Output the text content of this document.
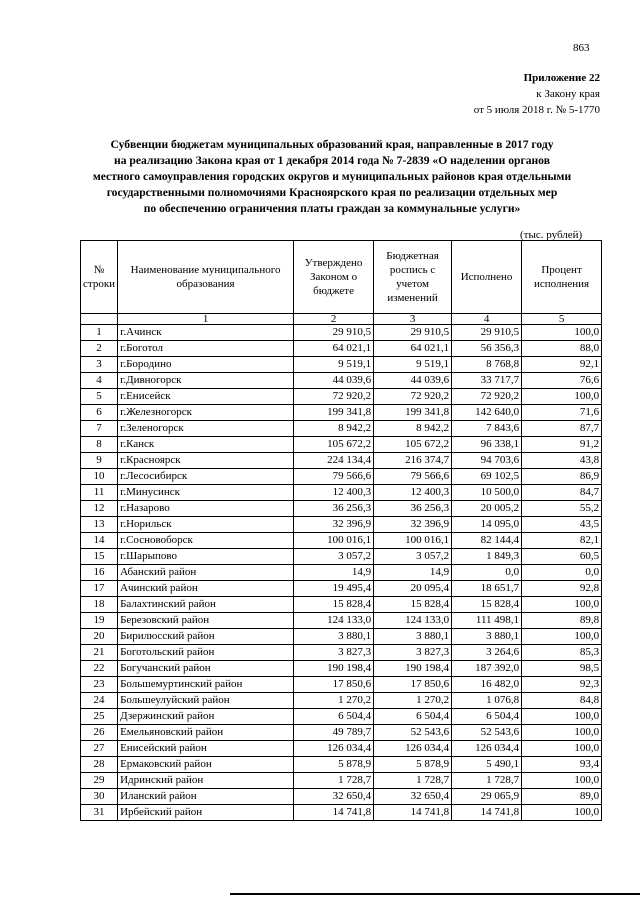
863
Приложение 22
к Закону края
от 5 июля 2018 г. № 5-1770
Субвенции бюджетам муниципальных образований края, направленные в 2017 году
на реализацию Закона края от 1 декабря 2014 года № 7-2839 «О наделении органов
местного самоуправления городских округов и муниципальных районов края отдельными
государственными полномочиями Красноярского края по реализации отдельных мер
по обеспечению ограничения платы граждан за коммунальные услуги»
(тыс. рублей)
№ строки	Наименование муниципального образования	Утверждено Законом о бюджете	Бюджетная роспись с учетом изменений	Исполнено	Процент исполнения
	1	2	3	4	5
1	г.Ачинск	29 910,5	29 910,5	29 910,5	100,0
2	г.Боготол	64 021,1	64 021,1	56 356,3	88,0
3	г.Бородино	9 519,1	9 519,1	8 768,8	92,1
4	г.Дивногорск	44 039,6	44 039,6	33 717,7	76,6
5	г.Енисейск	72 920,2	72 920,2	72 920,2	100,0
6	г.Железногорск	199 341,8	199 341,8	142 640,0	71,6
7	г.Зеленогорск	8 942,2	8 942,2	7 843,6	87,7
8	г.Канск	105 672,2	105 672,2	96 338,1	91,2
9	г.Красноярск	224 134,4	216 374,7	94 703,6	43,8
10	г.Лесосибирск	79 566,6	79 566,6	69 102,5	86,9
11	г.Минусинск	12 400,3	12 400,3	10 500,0	84,7
12	г.Назарово	36 256,3	36 256,3	20 005,2	55,2
13	г.Норильск	32 396,9	32 396,9	14 095,0	43,5
14	г.Сосновоборск	100 016,1	100 016,1	82 144,4	82,1
15	г.Шарыпово	3 057,2	3 057,2	1 849,3	60,5
16	Абанский район	14,9	14,9	0,0	0,0
17	Ачинский район	19 495,4	20 095,4	18 651,7	92,8
18	Балахтинский район	15 828,4	15 828,4	15 828,4	100,0
19	Березовский район	124 133,0	124 133,0	111 498,1	89,8
20	Бирилюсский район	3 880,1	3 880,1	3 880,1	100,0
21	Боготольский район	3 827,3	3 827,3	3 264,6	85,3
22	Богучанский район	190 198,4	190 198,4	187 392,0	98,5
23	Большемуртинский район	17 850,6	17 850,6	16 482,0	92,3
24	Большеулуйский район	1 270,2	1 270,2	1 076,8	84,8
25	Дзержинский район	6 504,4	6 504,4	6 504,4	100,0
26	Емельяновский район	49 789,7	52 543,6	52 543,6	100,0
27	Енисейский район	126 034,4	126 034,4	126 034,4	100,0
28	Ермаковский район	5 878,9	5 878,9	5 490,1	93,4
29	Идринский район	1 728,7	1 728,7	1 728,7	100,0
30	Иланский район	32 650,4	32 650,4	29 065,9	89,0
31	Ирбейский район	14 741,8	14 741,8	14 741,8	100,0
